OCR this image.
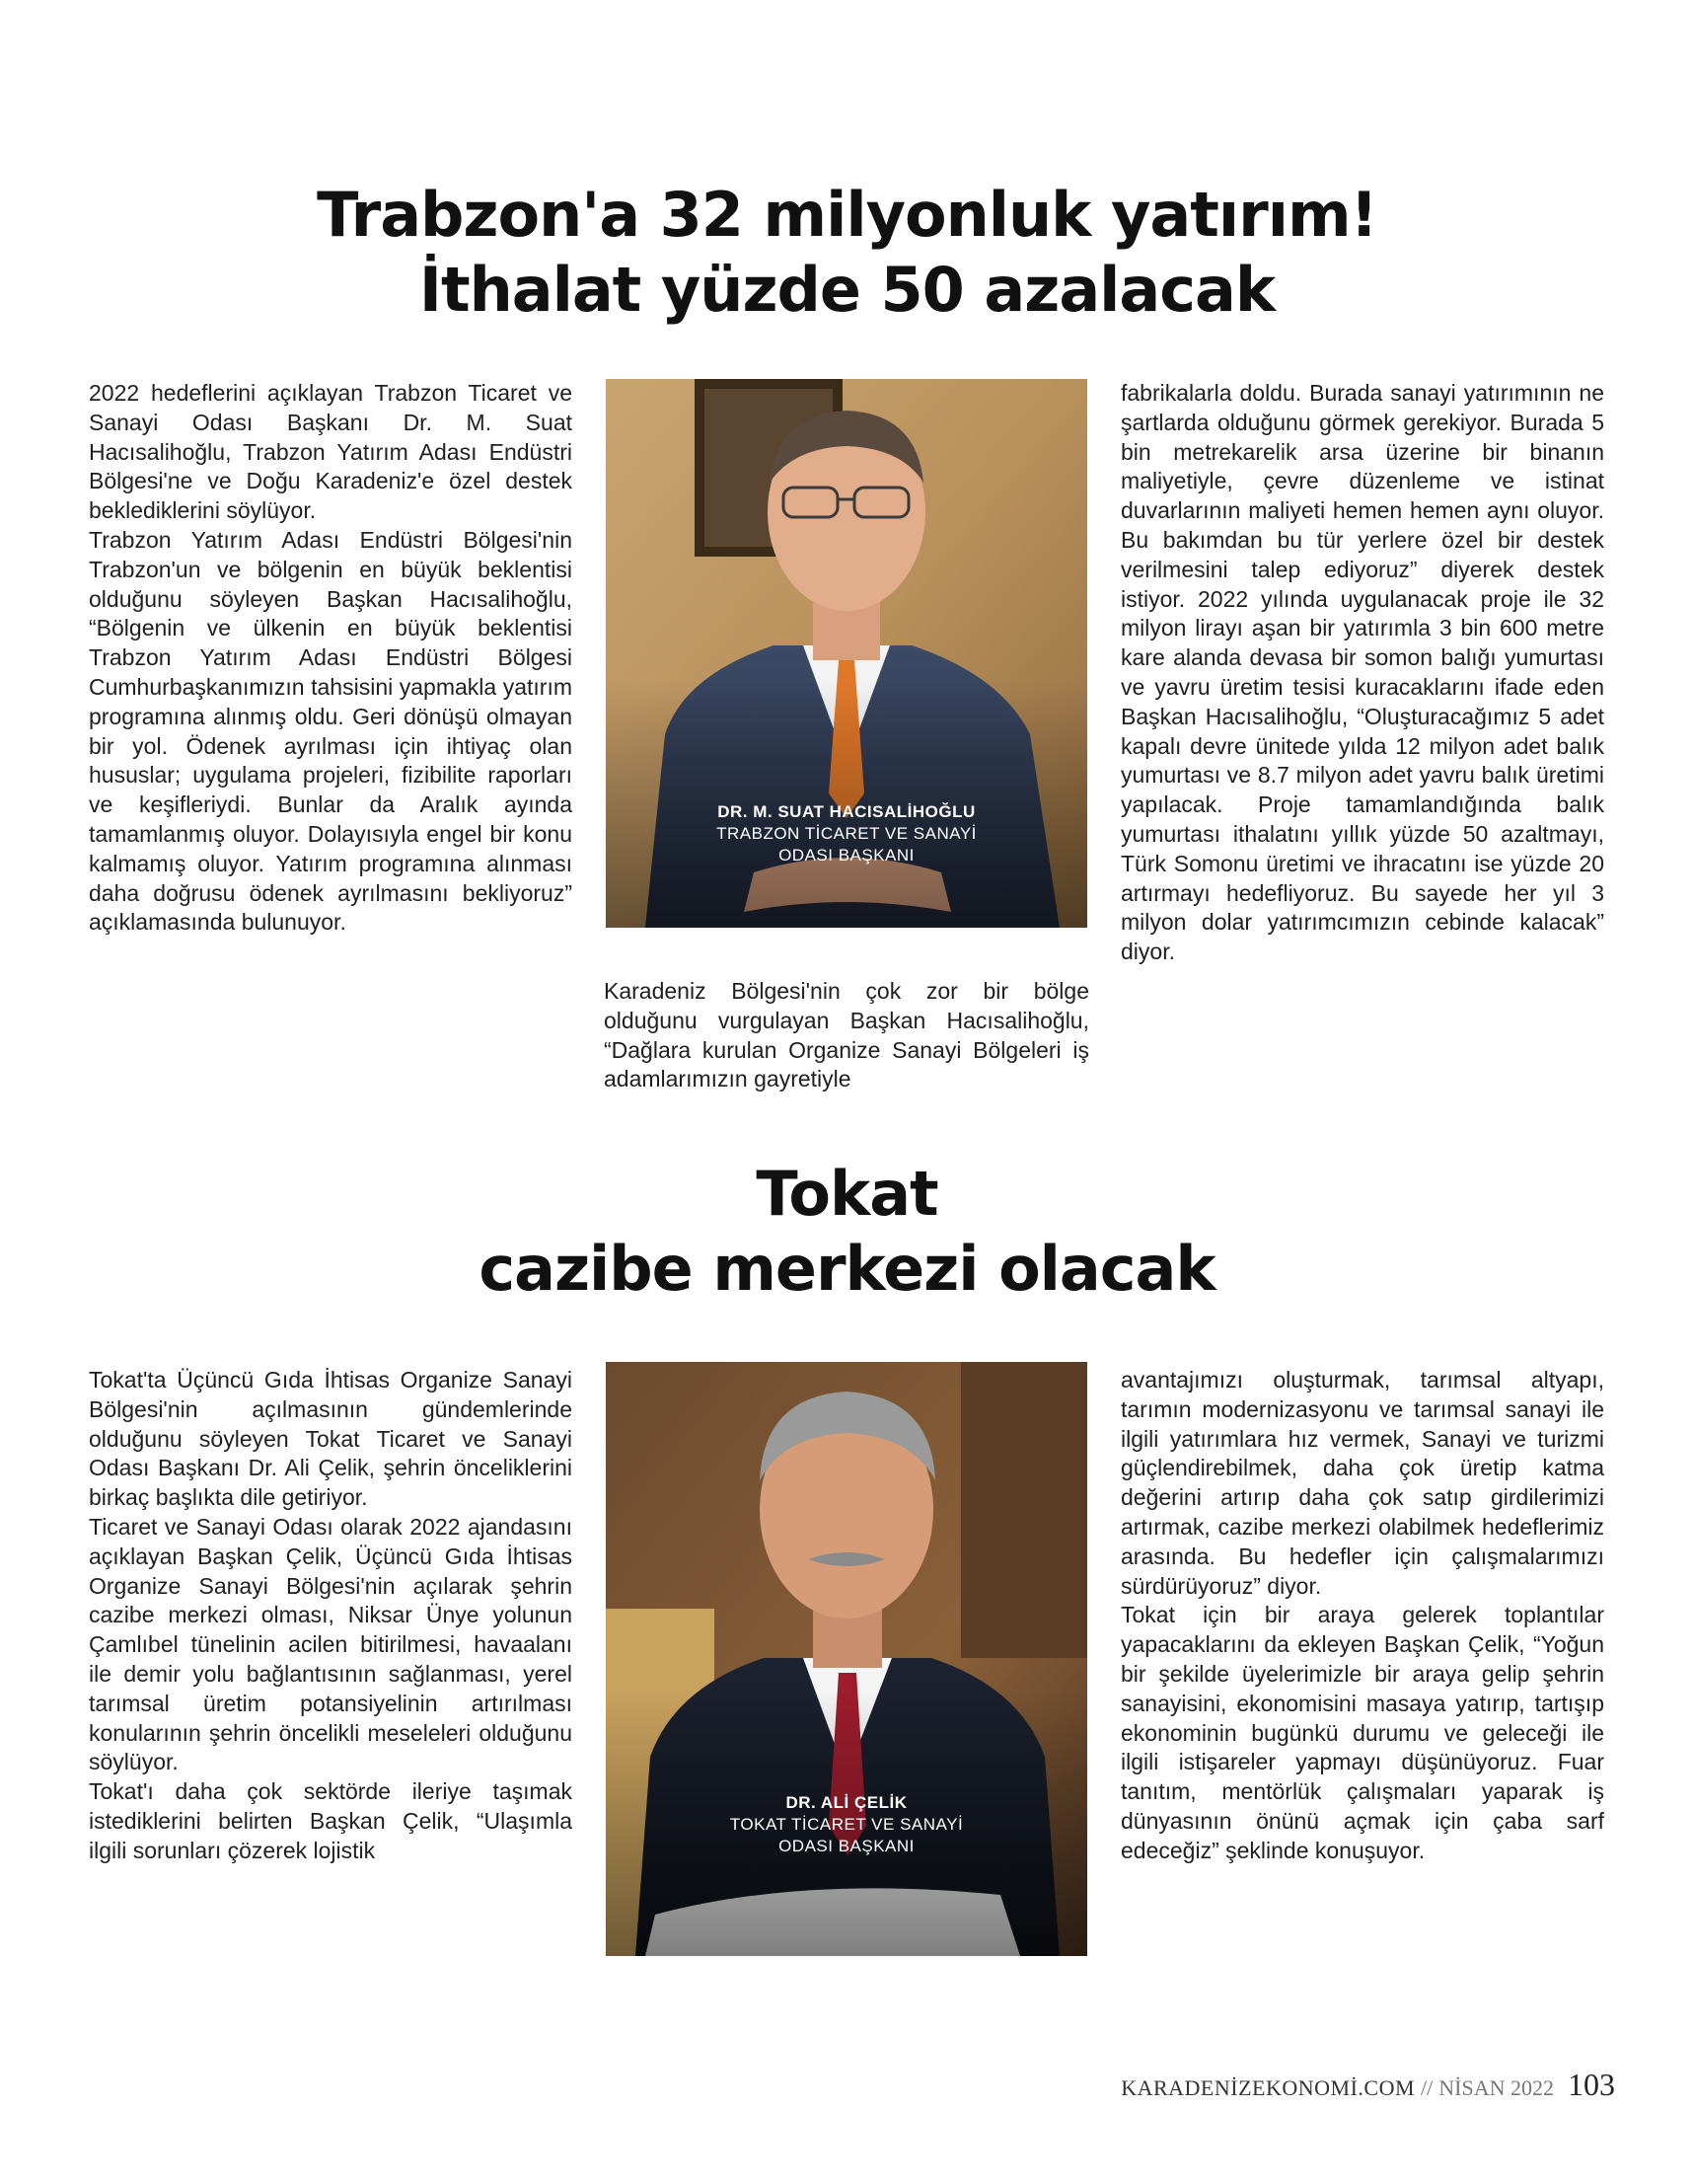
Trabzon'a 32 milyonluk yatırım!
İthalat yüzde 50 azalacak

2022 hedeflerini açıklayan Trabzon Ticaret ve Sanayi Odası Başkanı Dr. M. Suat Hacısalihoğlu, Trabzon Yatırım Adası Endüstri Bölgesi'ne ve Doğu Karadeniz'e özel destek beklediklerini söylüyor.

Trabzon Yatırım Adası Endüstri Bölgesi'nin Trabzon'un ve bölgenin en büyük beklentisi olduğunu söyleyen Başkan Hacısalihoğlu, “Bölgenin ve ülkenin en büyük beklentisi Trabzon Yatırım Adası Endüstri Bölgesi Cumhurbaşkanımızın tahsisini yapmakla yatırım programına alınmış oldu. Geri dönüşü olmayan bir yol. Ödenek ayrılması için ihtiyaç olan hususlar; uygulama projeleri, fizibilite raporları ve keşifleriydi. Bunlar da Aralık ayında tamamlanmış oluyor. Dolayısıyla engel bir konu kalmamış oluyor. Yatırım programına alınması daha doğrusu ödenek ayrılmasını bekliyoruz” açıklamasında bulunuyor.

DR. M. SUAT HACISALİHOĞLU
TRABZON TİCARET VE SANAYİ
ODASI BAŞKANI

Karadeniz Bölgesi'nin çok zor bir bölge olduğunu vurgulayan Başkan Hacısalihoğlu, “Dağlara kurulan Organize Sanayi Bölgeleri iş adamlarımızın gayretiyle

fabrikalarla doldu. Burada sanayi yatırımının ne şartlarda olduğunu görmek gerekiyor. Burada 5 bin metrekarelik arsa üzerine bir binanın maliyetiyle, çevre düzenleme ve istinat duvarlarının maliyeti hemen hemen aynı oluyor. Bu bakımdan bu tür yerlere özel bir destek verilmesini talep ediyoruz” diyerek destek istiyor. 2022 yılında uygulanacak proje ile 32 milyon lirayı aşan bir yatırımla 3 bin 600 metre kare alanda devasa bir somon balığı yumurtası ve yavru üretim tesisi kuracaklarını ifade eden Başkan Hacısalihoğlu, “Oluşturacağımız 5 adet kapalı devre ünitede yılda 12 milyon adet balık yumurtası ve 8.7 milyon adet yavru balık üretimi yapılacak. Proje tamamlandığında balık yumurtası ithalatını yıllık yüzde 50 azaltmayı, Türk Somonu üretimi ve ihracatını ise yüzde 20 artırmayı hedefliyoruz. Bu sayede her yıl 3 milyon dolar yatırımcımızın cebinde kalacak” diyor.

Tokat
cazibe merkezi olacak

Tokat'ta Üçüncü Gıda İhtisas Organize Sanayi Bölgesi'nin açılmasının gündemlerinde olduğunu söyleyen Tokat Ticaret ve Sanayi Odası Başkanı Dr. Ali Çelik, şehrin önceliklerini birkaç başlıkta dile getiriyor.

Ticaret ve Sanayi Odası olarak 2022 ajandasını açıklayan Başkan Çelik, Üçüncü Gıda İhtisas Organize Sanayi Bölgesi'nin açılarak şehrin cazibe merkezi olması, Niksar Ünye yolunun Çamlıbel tünelinin acilen bitirilmesi, havaalanı ile demir yolu bağlantısının sağlanması, yerel tarımsal üretim potansiyelinin artırılması konularının şehrin öncelikli meseleleri olduğunu söylüyor.

Tokat'ı daha çok sektörde ileriye taşımak istediklerini belirten Başkan Çelik, “Ulaşımla ilgili sorunları çözerek lojistik

DR. ALİ ÇELİK
TOKAT TİCARET VE SANAYİ
ODASI BAŞKANI

avantajımızı oluşturmak, tarımsal altyapı, tarımın modernizasyonu ve tarımsal sanayi ile ilgili yatırımlara hız vermek, Sanayi ve turizmi güçlendirebilmek, daha çok üretip katma değerini artırıp daha çok satıp girdilerimizi artırmak, cazibe merkezi olabilmek hedeflerimiz arasında. Bu hedefler için çalışmalarımızı sürdürüyoruz” diyor.

Tokat için bir araya gelerek toplantılar yapacaklarını da ekleyen Başkan Çelik, “Yoğun bir şekilde üyelerimizle bir araya gelip şehrin sanayisini, ekonomisini masaya yatırıp, tartışıp ekonominin bugünkü durumu ve geleceği ile ilgili istişareler yapmayı düşünüyoruz. Fuar tanıtım, mentörlük çalışmaları yaparak iş dünyasının önünü açmak için çaba sarf edeceğiz” şeklinde konuşuyor.

KARADENİZEKONOMİ.COM // NİSAN 2022 103
